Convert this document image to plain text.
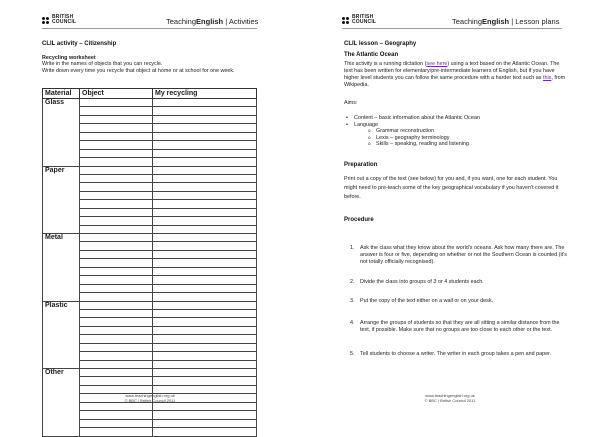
BRITISH
COUNCIL	TeachingEnglish | Activities
CLIL activity – Citizenship
Recycling worksheet
Write in the names of objects that you can recycle.
Write down every time you recycle that object at home or at school for one week.
Material	Object	My recycling
Glass		

Paper		

Metal		

Plastic		

Other		

www.teachingenglish.org.uk
© BBC | British Council 2011
BRITISH
COUNCIL	TeachingEnglish | Lesson plans
CLIL lesson – Geography
The Atlantic Ocean
This activity is a running dictation (see here) using a text based on the Atlantic Ocean. The text has been written for elementary/pre-intermediate learners of English, but if you have higher level students you can follow the same procedure with a harder text such as this, from Wikipedia.
Aims:
• Content – basic information about the Atlantic Ocean
• Language
o Grammar reconstruction
o Lexis – geography terminology
o Skills – speaking, reading and listening
Preparation
Print out a copy of the text (see below) for you and, if you want, one for each student. You might need to pre-teach some of the key geographical vocabulary if you haven't covered it before.
Procedure
1. Ask the class what they know about the world's oceans. Ask how many there are. The answer is four or five, depending on whether or not the Southern Ocean is counted (it's not totally officially recognised).
2. Divide the class into groups of 3 or 4 students each.
3. Put the copy of the text either on a wall or on your desk.
4. Arrange the groups of students so that they are all sitting a similar distance from the text, if possible. Make sure that no groups are too close to each other or the text.
5. Tell students to choose a writer. The writer in each group takes a pen and paper.
www.teachingenglish.org.uk
© BBC | British Council 2011
